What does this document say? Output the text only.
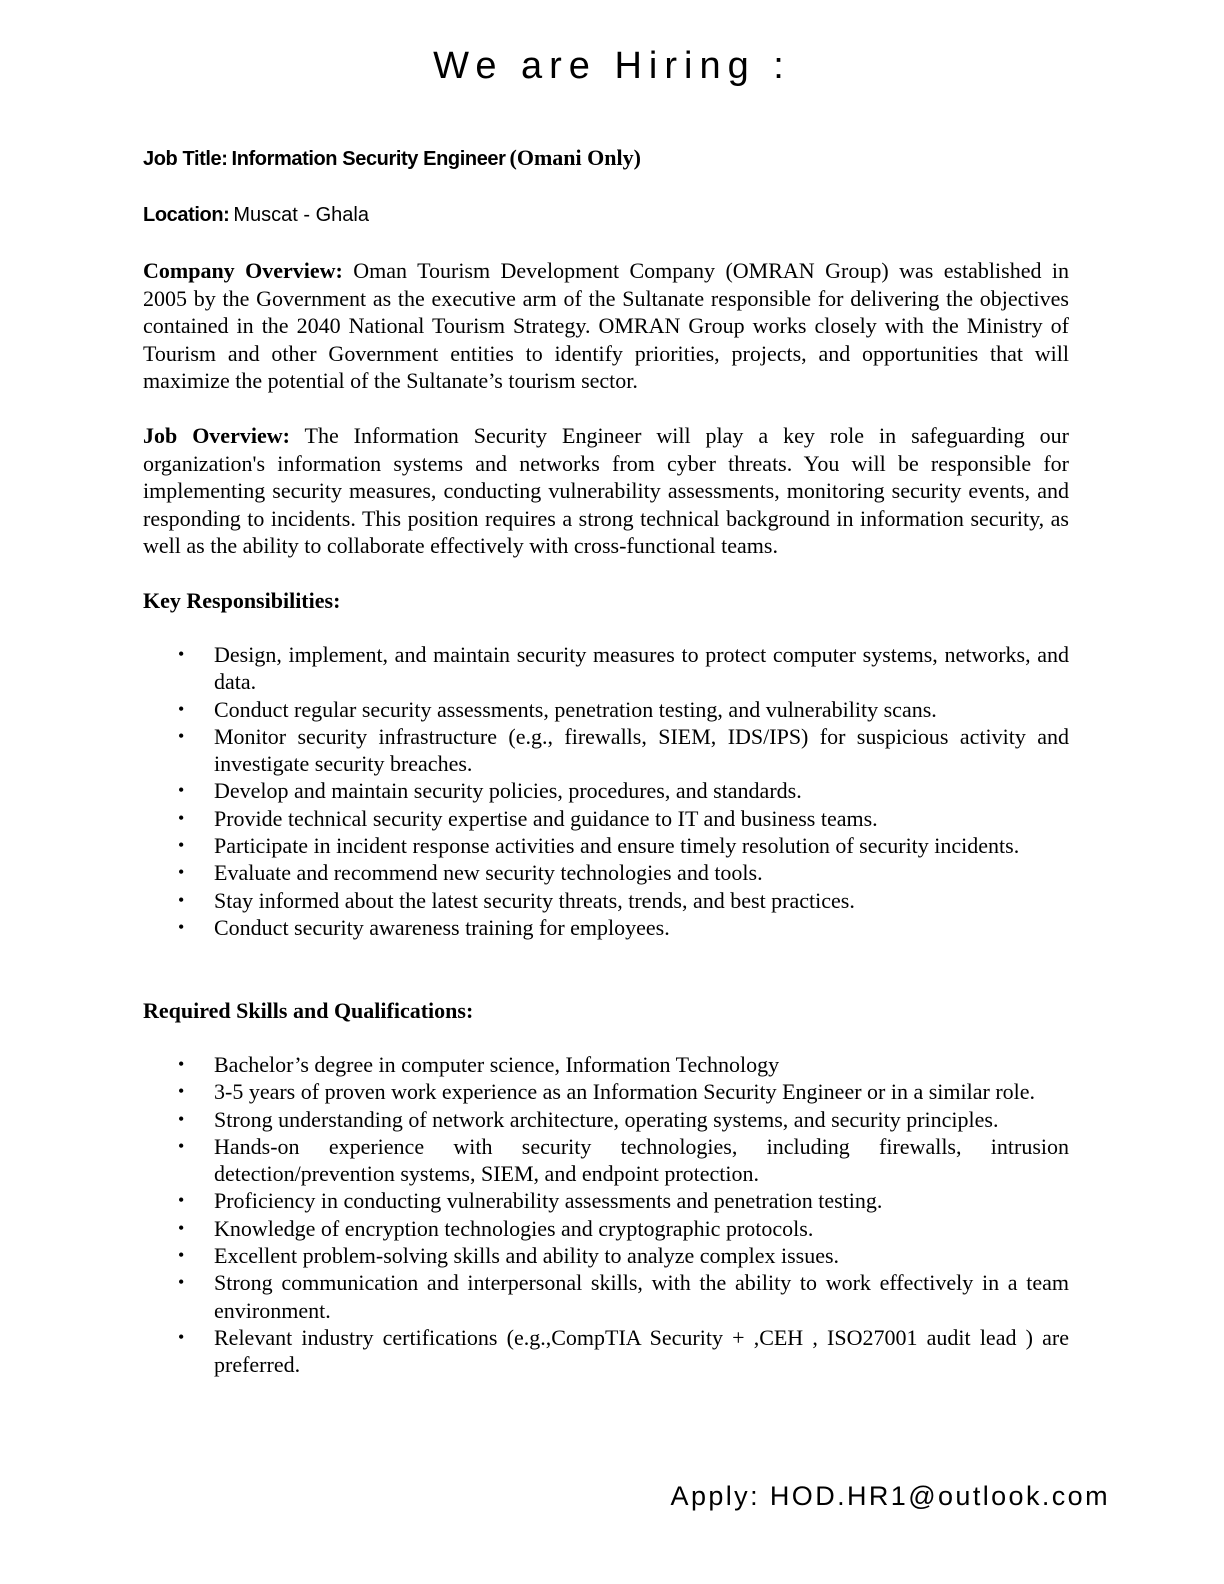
We are Hiring :
Job Title: Information Security Engineer (Omani Only)
Location: Muscat - Ghala

Company Overview: Oman Tourism Development Company (OMRAN Group) was established in 2005 by the Government as the executive arm of the Sultanate responsible for delivering the objectives contained in the 2040 National Tourism Strategy. OMRAN Group works closely with the Ministry of Tourism and other Government entities to identify priorities, projects, and opportunities that will maximize the potential of the Sultanate’s tourism sector.

Job Overview: The Information Security Engineer will play a key role in safeguarding our organization's information systems and networks from cyber threats. You will be responsible for implementing security measures, conducting vulnerability assessments, monitoring security events, and responding to incidents. This position requires a strong technical background in information security, as well as the ability to collaborate effectively with cross-functional teams.

Key Responsibilities:
• Design, implement, and maintain security measures to protect computer systems, networks, and data.
• Conduct regular security assessments, penetration testing, and vulnerability scans.
• Monitor security infrastructure (e.g., firewalls, SIEM, IDS/IPS) for suspicious activity and investigate security breaches.
• Develop and maintain security policies, procedures, and standards.
• Provide technical security expertise and guidance to IT and business teams.
• Participate in incident response activities and ensure timely resolution of security incidents.
• Evaluate and recommend new security technologies and tools.
• Stay informed about the latest security threats, trends, and best practices.
• Conduct security awareness training for employees.
Required Skills and Qualifications:
• Bachelor’s degree in computer science, Information Technology
• 3-5 years of proven work experience as an Information Security Engineer or in a similar role.
• Strong understanding of network architecture, operating systems, and security principles.
• Hands-on experience with security technologies, including firewalls, intrusion detection/prevention systems, SIEM, and endpoint protection.
• Proficiency in conducting vulnerability assessments and penetration testing.
• Knowledge of encryption technologies and cryptographic protocols.
• Excellent problem-solving skills and ability to analyze complex issues.
• Strong communication and interpersonal skills, with the ability to work effectively in a team environment.
• Relevant industry certifications (e.g.,CompTIA Security + ,CEH , ISO27001 audit lead ) are preferred.
Apply: HOD.HR1@outlook.com
